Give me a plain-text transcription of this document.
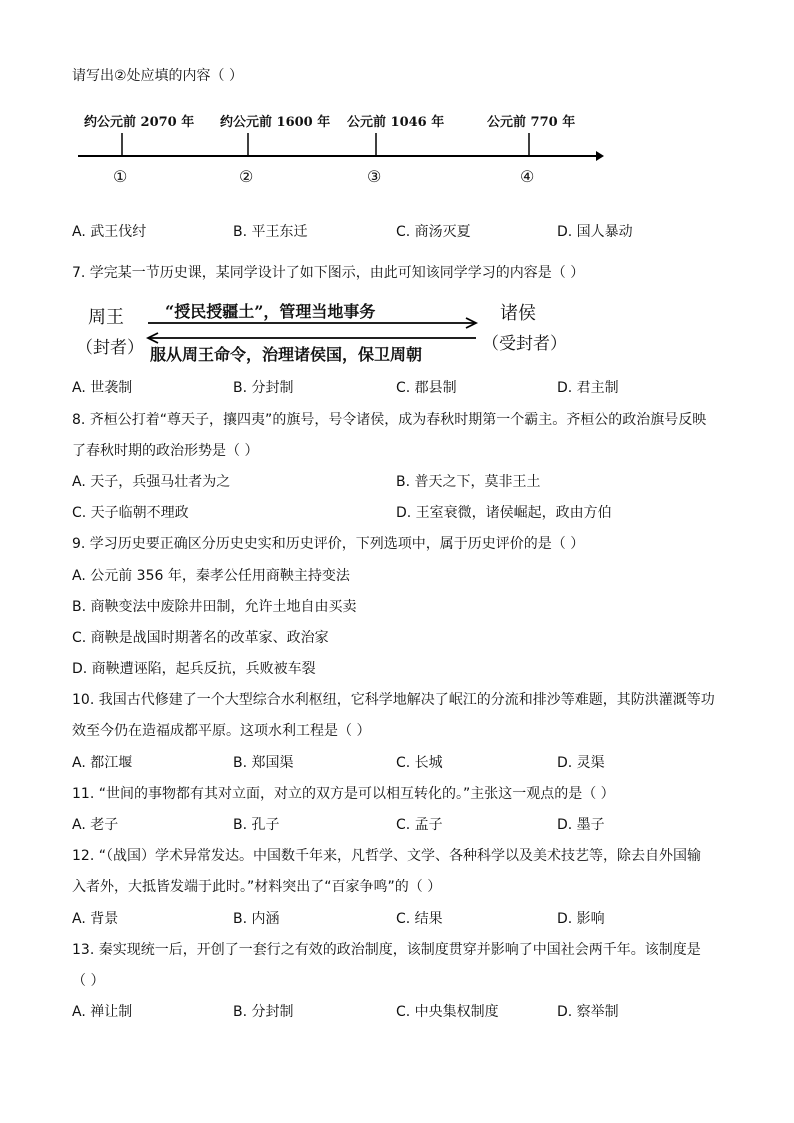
请写出②处应填的内容（ ）
约公元前 2070 年 约公元前 1600 年 公元前 1046 年	公元前 770 年
①	②	③	④
A. 武王伐纣	B. 平王东迁	C. 商汤灭夏	D. 国人暴动
7. 学完某一节历史课，某同学设计了如下图示，由此可知该同学学习的内容是（ ）
周王
（封者）
诸侯
（受封者）
“授民授疆土”，管理当地事务
服从周王命令，治理诸侯国，保卫周朝
A. 世袭制	B. 分封制	C. 郡县制	D. 君主制
8. 齐桓公打着“尊天子，攘四夷”的旗号，号令诸侯，成为春秋时期第一个霸主。齐桓公的政治旗号反映
了春秋时期的政治形势是（ ）
A. 天子，兵强马壮者为之	B. 普天之下，莫非王土
C. 天子临朝不理政	D. 王室衰微，诸侯崛起，政由方伯
9. 学习历史要正确区分历史史实和历史评价，下列选项中，属于历史评价的是（ ）
A. 公元前 356 年，秦孝公任用商鞅主持变法
B. 商鞅变法中废除井田制，允许土地自由买卖
C. 商鞅是战国时期著名的改革家、政治家
D. 商鞅遭诬陷，起兵反抗，兵败被车裂
10. 我国古代修建了一个大型综合水利枢纽，它科学地解决了岷江的分流和排沙等难题，其防洪灌溉等功
效至今仍在造福成都平原。这项水利工程是（ ）
A. 都江堰	B. 郑国渠	C. 长城	D. 灵渠
11. “世间的事物都有其对立面，对立的双方是可以相互转化的。”主张这一观点的是（ ）
A. 老子	B. 孔子	C. 孟子	D. 墨子
12. “（战国）学术异常发达。中国数千年来，凡哲学、文学、各种科学以及美术技艺等，除去自外国输
入者外，大抵皆发端于此时。”材料突出了“百家争鸣”的（ ）
A. 背景	B. 内涵	C. 结果	D. 影响
13. 秦实现统一后，开创了一套行之有效的政治制度，该制度贯穿并影响了中国社会两千年。该制度是
（ ）
A. 禅让制	B. 分封制	C. 中央集权制度	D. 察举制
